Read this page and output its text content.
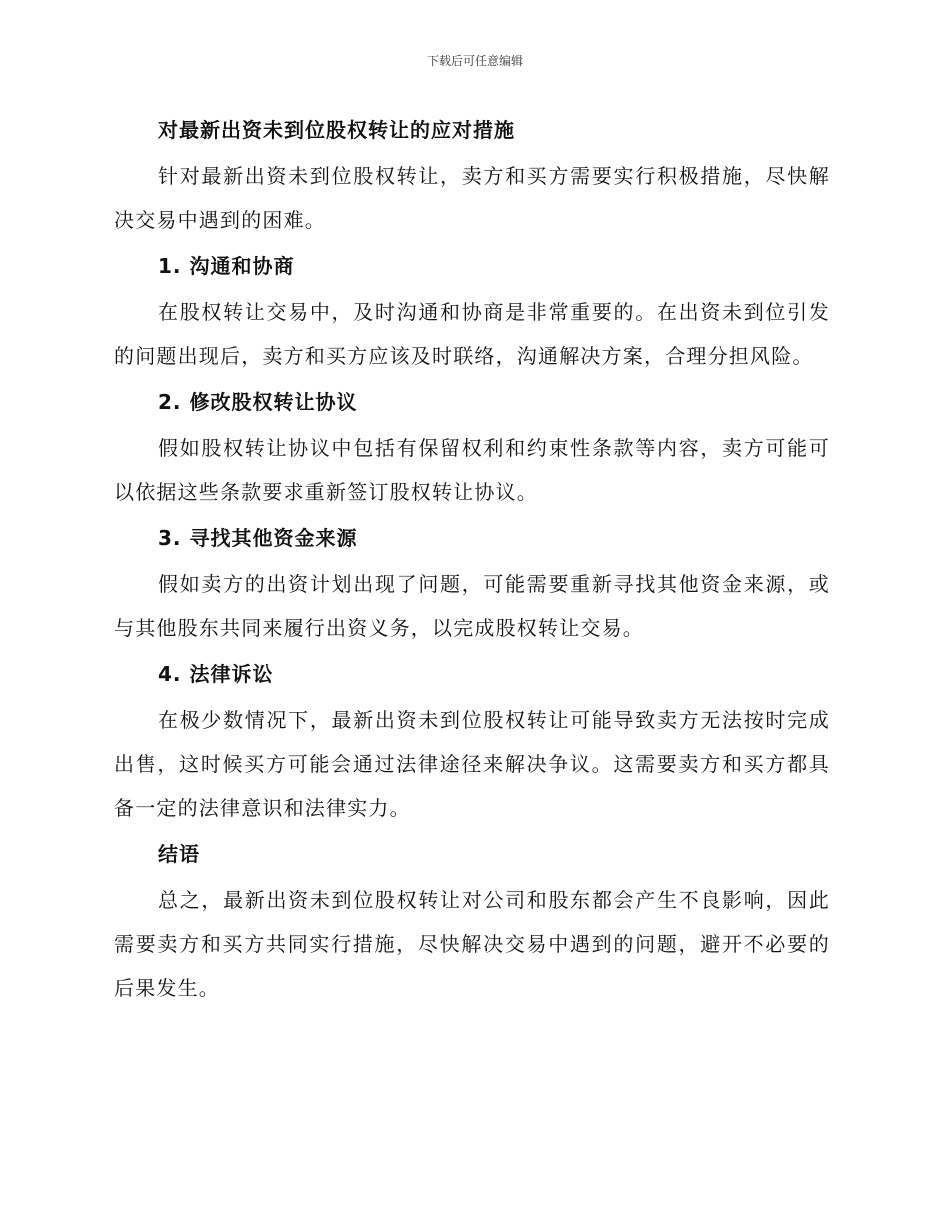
下载后可任意编辑
对最新出资未到位股权转让的应对措施
针对最新出资未到位股权转让，卖方和买方需要实行积极措施，尽快解决交易中遇到的困难。
1. 沟通和协商
在股权转让交易中，及时沟通和协商是非常重要的。在出资未到位引发的问题出现后，卖方和买方应该及时联络，沟通解决方案，合理分担风险。
2. 修改股权转让协议
假如股权转让协议中包括有保留权利和约束性条款等内容，卖方可能可以依据这些条款要求重新签订股权转让协议。
3. 寻找其他资金来源
假如卖方的出资计划出现了问题，可能需要重新寻找其他资金来源，或与其他股东共同来履行出资义务，以完成股权转让交易。
4. 法律诉讼
在极少数情况下，最新出资未到位股权转让可能导致卖方无法按时完成出售，这时候买方可能会通过法律途径来解决争议。这需要卖方和买方都具备一定的法律意识和法律实力。
结语
总之，最新出资未到位股权转让对公司和股东都会产生不良影响，因此需要卖方和买方共同实行措施，尽快解决交易中遇到的问题，避开不必要的后果发生。
